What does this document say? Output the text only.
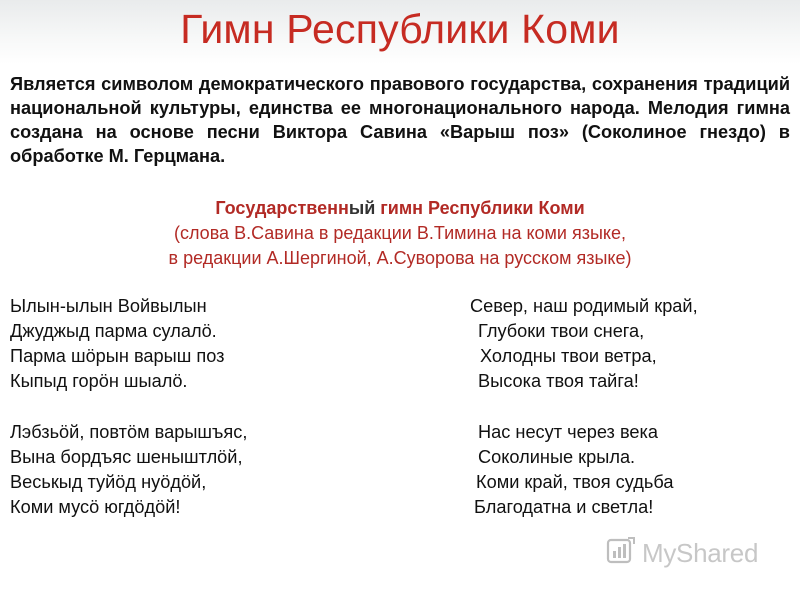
Гимн Республики Коми
Является символом демократического правового государства, сохранения традиций национальной культуры, единства ее многонационального народа. Мелодия гимна создана на основе песни Виктора Савина «Варыш поз» (Соколиное гнездо) в обработке М. Герцмана.
Государственный гимн Республики Коми
(слова В.Савина в редакции В.Тимина на коми языке,
в редакции А.Шергиной, А.Суворова на русском языке)
Ылын-ылын Войвылын
Джуджыд парма сулалö.
Парма шöрын варыш поз
Кыпыд горöн шыалö.
Лэбзьöй, повтöм варышъяс,
Вына бордъяс шеныштлöй,
Веськыд туйöд нуöдöй,
Коми мусö югдöдöй!
Север, наш родимый край,
Глубоки твои снега,
Холодны твои ветра,
Высока твоя тайга!
Нас несут через века
Соколиные крыла.
Коми край, твоя судьба
Благодатна и светла!
MyShared
